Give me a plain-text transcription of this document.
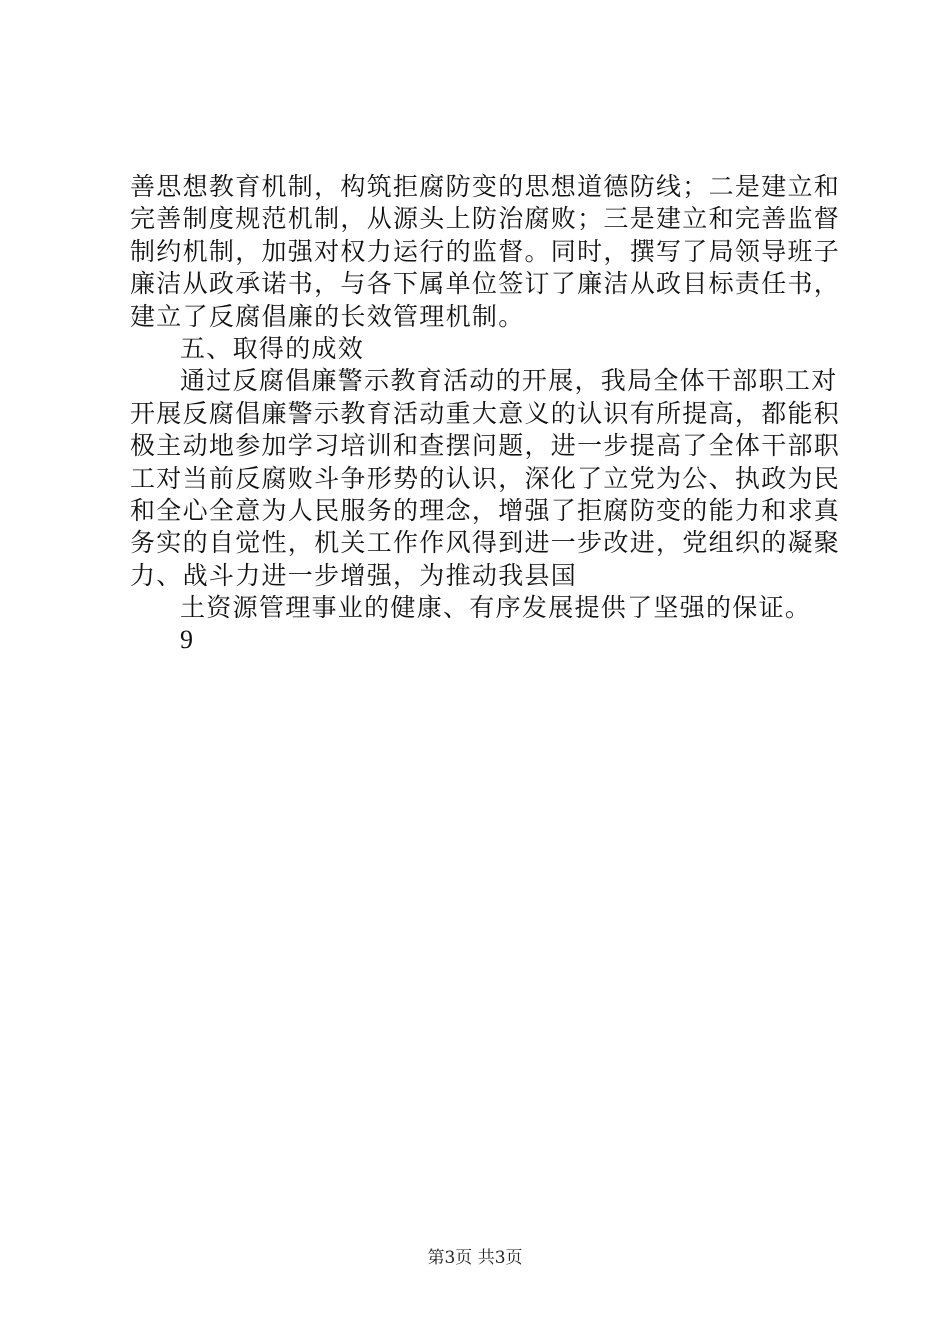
善思想教育机制，构筑拒腐防变的思想道德防线；二是建立和
完善制度规范机制，从源头上防治腐败；三是建立和完善监督
制约机制，加强对权力运行的监督。同时，撰写了局领导班子
廉洁从政承诺书，与各下属单位签订了廉洁从政目标责任书，
建立了反腐倡廉的长效管理机制。
五、取得的成效
通过反腐倡廉警示教育活动的开展，我局全体干部职工对
开展反腐倡廉警示教育活动重大意义的认识有所提高，都能积
极主动地参加学习培训和查摆问题，进一步提高了全体干部职
工对当前反腐败斗争形势的认识，深化了立党为公、执政为民
和全心全意为人民服务的理念，增强了拒腐防变的能力和求真
务实的自觉性，机关工作作风得到进一步改进，党组织的凝聚
力、战斗力进一步增强，为推动我县国
土资源管理事业的健康、有序发展提供了坚强的保证。
9
第3页 共3页
